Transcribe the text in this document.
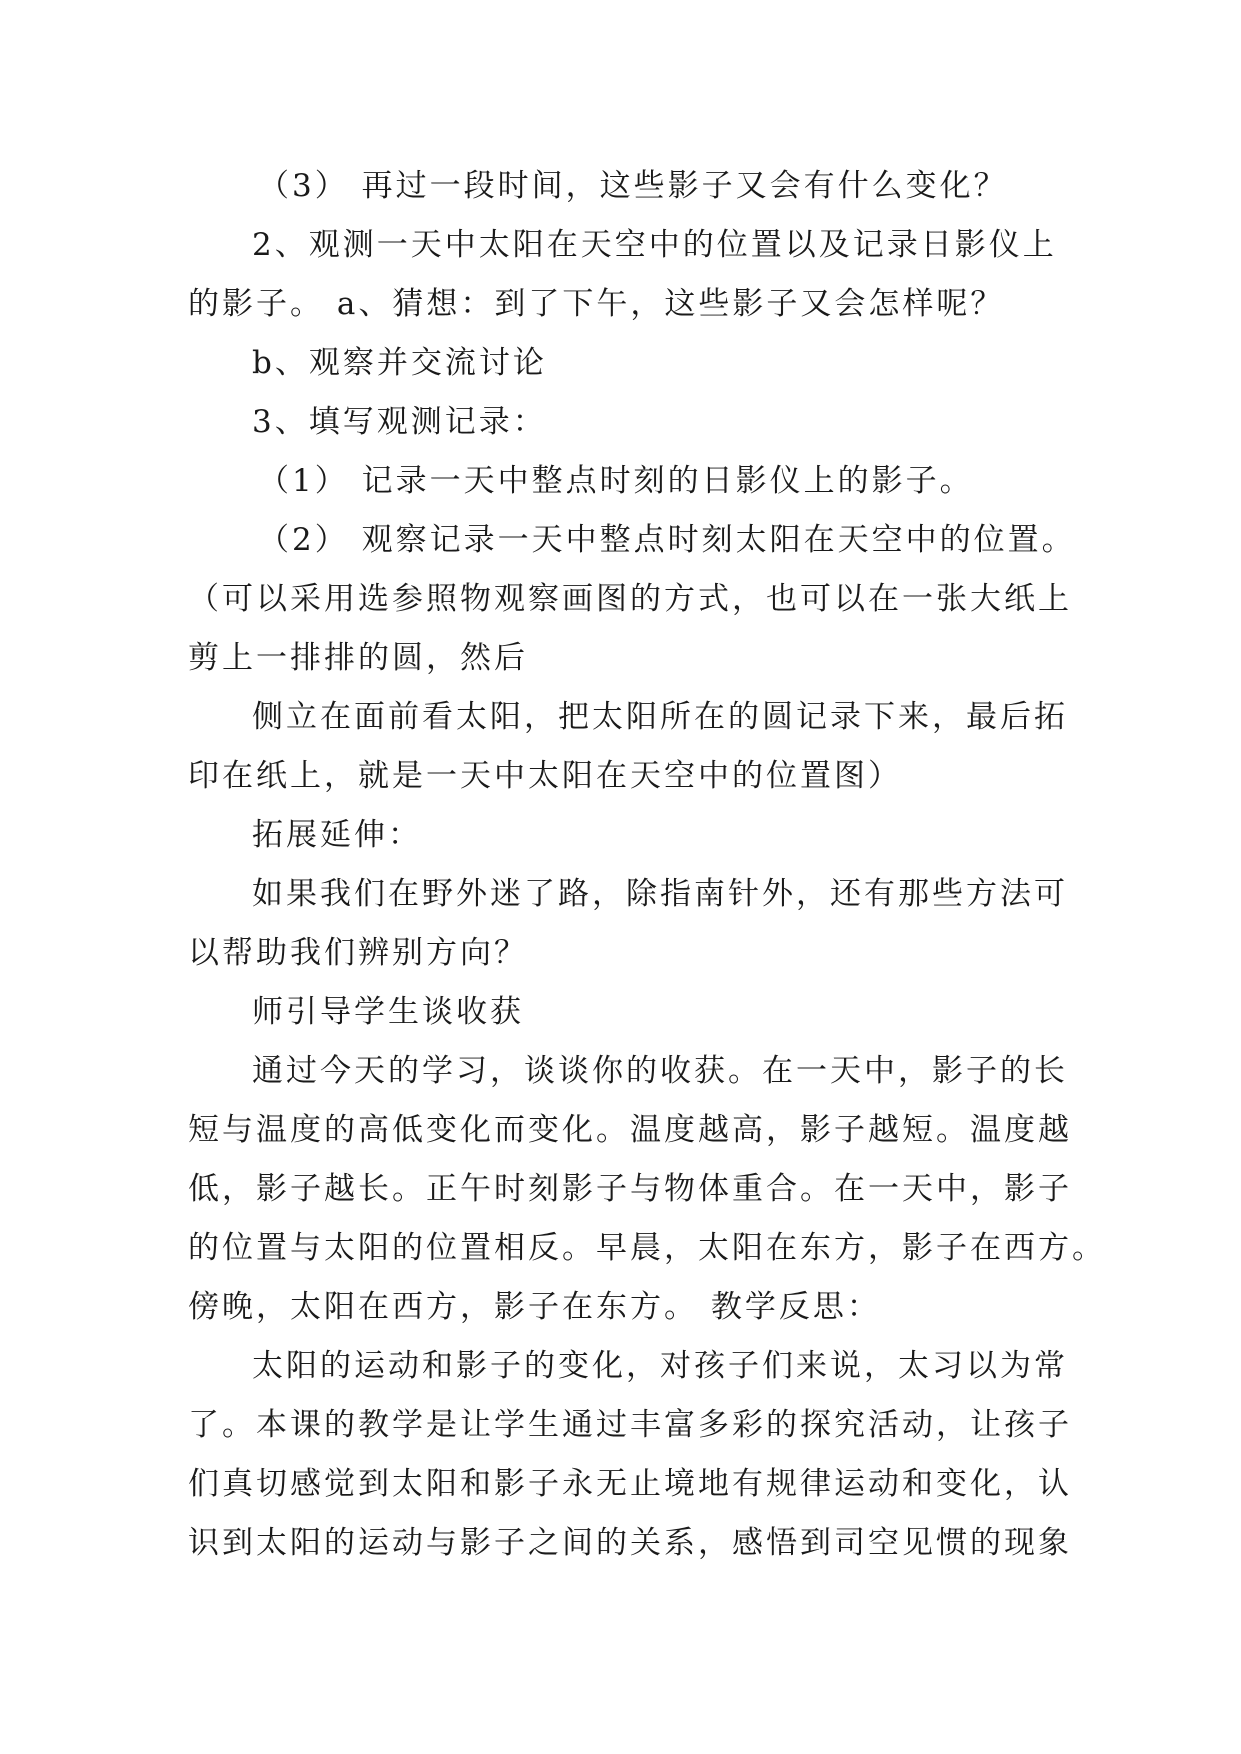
（3） 再过一段时间，这些影子又会有什么变化？
2、观测一天中太阳在天空中的位置以及记录日影仪上
的影子。 a、猜想：到了下午，这些影子又会怎样呢？
b、观察并交流讨论
3、填写观测记录：
（1） 记录一天中整点时刻的日影仪上的影子。
（2） 观察记录一天中整点时刻太阳在天空中的位置。
（可以采用选参照物观察画图的方式，也可以在一张大纸上
剪上一排排的圆，然后
侧立在面前看太阳，把太阳所在的圆记录下来，最后拓
印在纸上，就是一天中太阳在天空中的位置图）
拓展延伸：
如果我们在野外迷了路，除指南针外，还有那些方法可
以帮助我们辨别方向？
师引导学生谈收获
通过今天的学习，谈谈你的收获。在一天中，影子的长
短与温度的高低变化而变化。温度越高，影子越短。温度越
低，影子越长。正午时刻影子与物体重合。在一天中，影子
的位置与太阳的位置相反。早晨，太阳在东方，影子在西方。
傍晚，太阳在西方，影子在东方。 教学反思：
太阳的运动和影子的变化，对孩子们来说，太习以为常
了。本课的教学是让学生通过丰富多彩的探究活动，让孩子
们真切感觉到太阳和影子永无止境地有规律运动和变化，认
识到太阳的运动与影子之间的关系，感悟到司空见惯的现象
